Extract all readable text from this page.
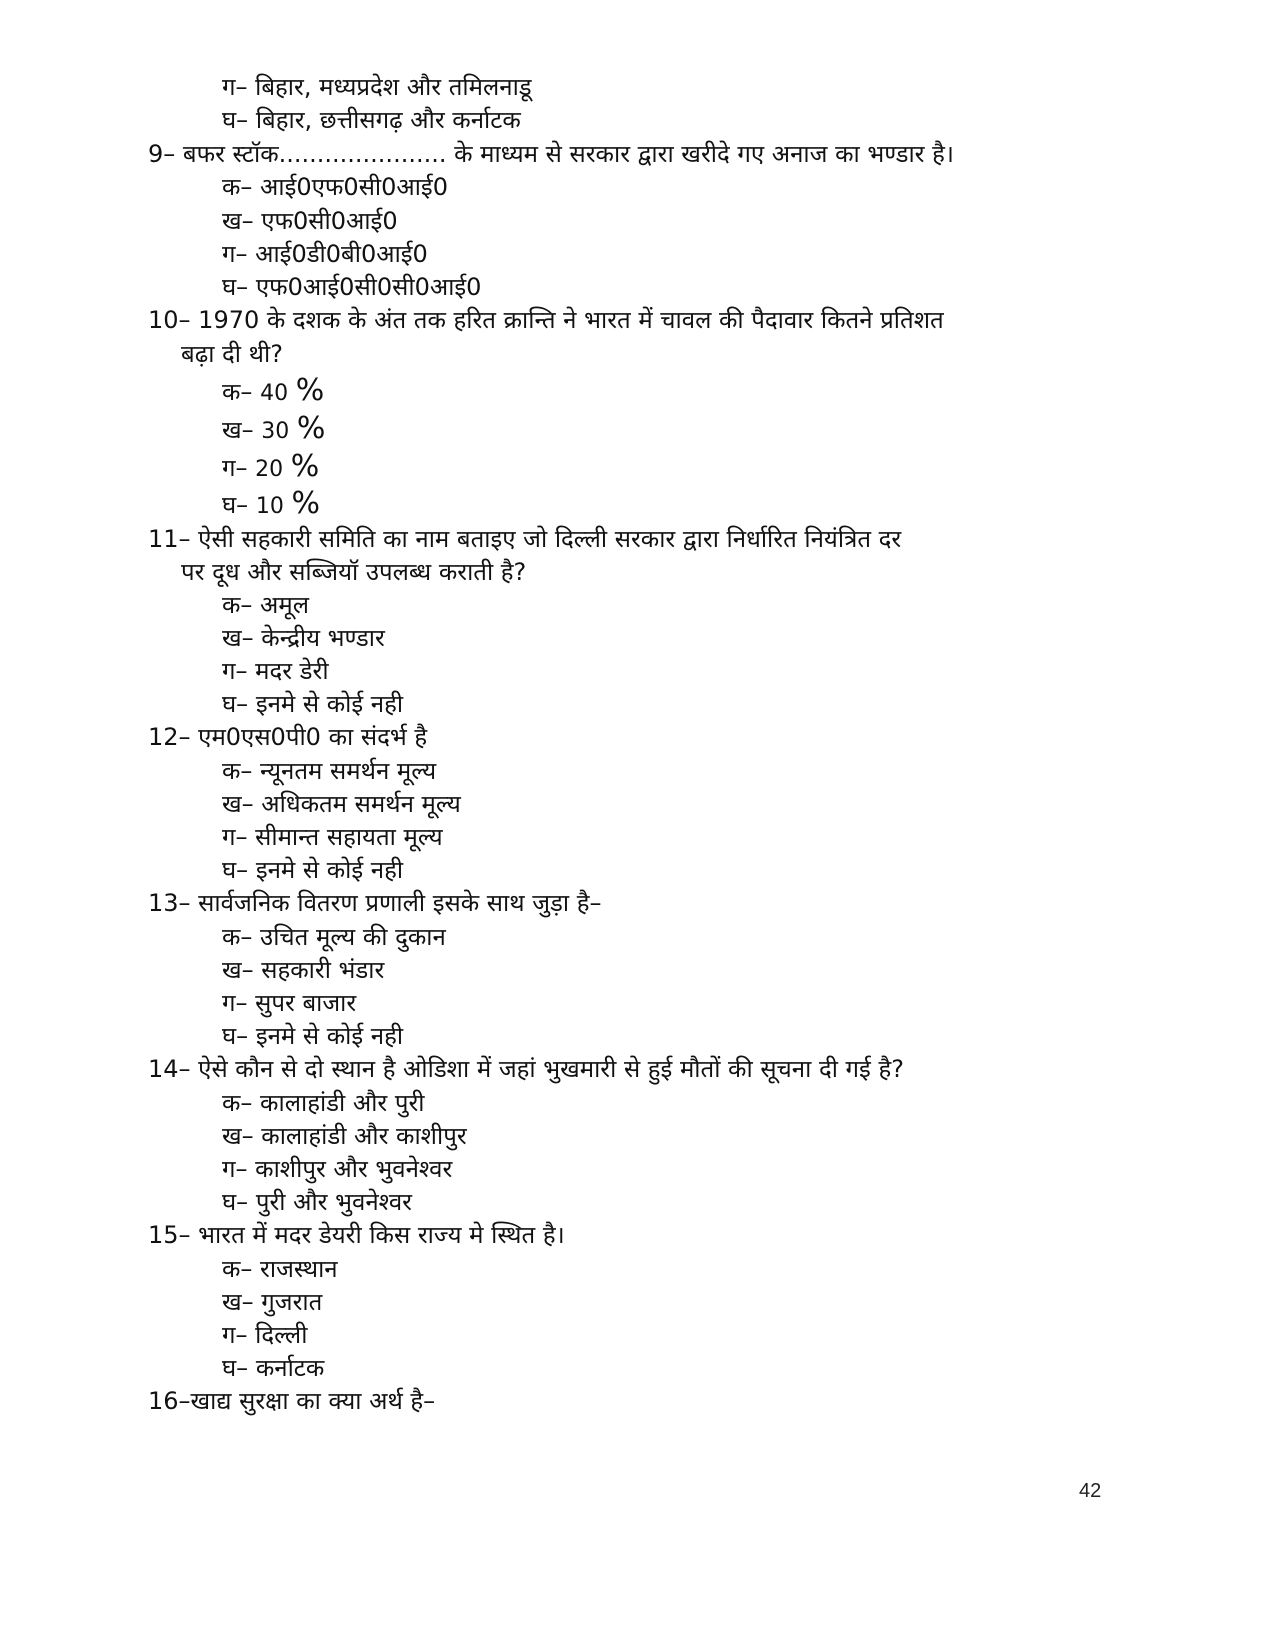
ग– बिहार, मध्यप्रदेश और तमिलनाडू
घ– बिहार, छत्तीसगढ़ और कर्नाटक
9– बफर स्टॉक...................... के माध्यम से सरकार द्वारा खरीदे गए अनाज का भण्डार है।
क– आई0एफ0सी0आई0
ख– एफ0सी0आई0
ग– आई0डी0बी0आई0
घ– एफ0आई0सी0सी0आई0
10– 1970 के दशक के अंत तक हरित क्रान्ति ने भारत में चावल की पैदावार कितने प्रतिशत
बढ़ा दी थी?
क– 40 %
ख– 30 %
ग– 20 %
घ– 10 %
11– ऐसी सहकारी समिति का नाम बताइए जो दिल्ली सरकार द्वारा निर्धारित नियंत्रित दर
पर दूध और सब्जियॉ उपलब्ध कराती है?
क– अमूल
ख– केन्द्रीय भण्डार
ग– मदर डेरी
घ– इनमे से कोई नही
12– एम0एस0पी0 का संदर्भ है
क– न्यूनतम समर्थन मूल्य
ख– अधिकतम समर्थन मूल्य
ग– सीमान्त सहायता मूल्य
घ– इनमे से कोई नही
13– सार्वजनिक वितरण प्रणाली इसके साथ जुड़ा है–
क– उचित मूल्य की दुकान
ख– सहकारी भंडार
ग– सुपर बाजार
घ– इनमे से कोई नही
14– ऐसे कौन से दो स्थान है ओडिशा में जहां भुखमारी से हुई मौतों की सूचना दी गई है?
क– कालाहांडी और पुरी
ख– कालाहांडी और काशीपुर
ग– काशीपुर और भुवनेश्वर
घ– पुरी और भुवनेश्वर
15– भारत में मदर डेयरी किस राज्य मे स्थित है।
क– राजस्थान
ख– गुजरात
ग– दिल्ली
घ– कर्नाटक
16–खाद्य सुरक्षा का क्या अर्थ है–
42
